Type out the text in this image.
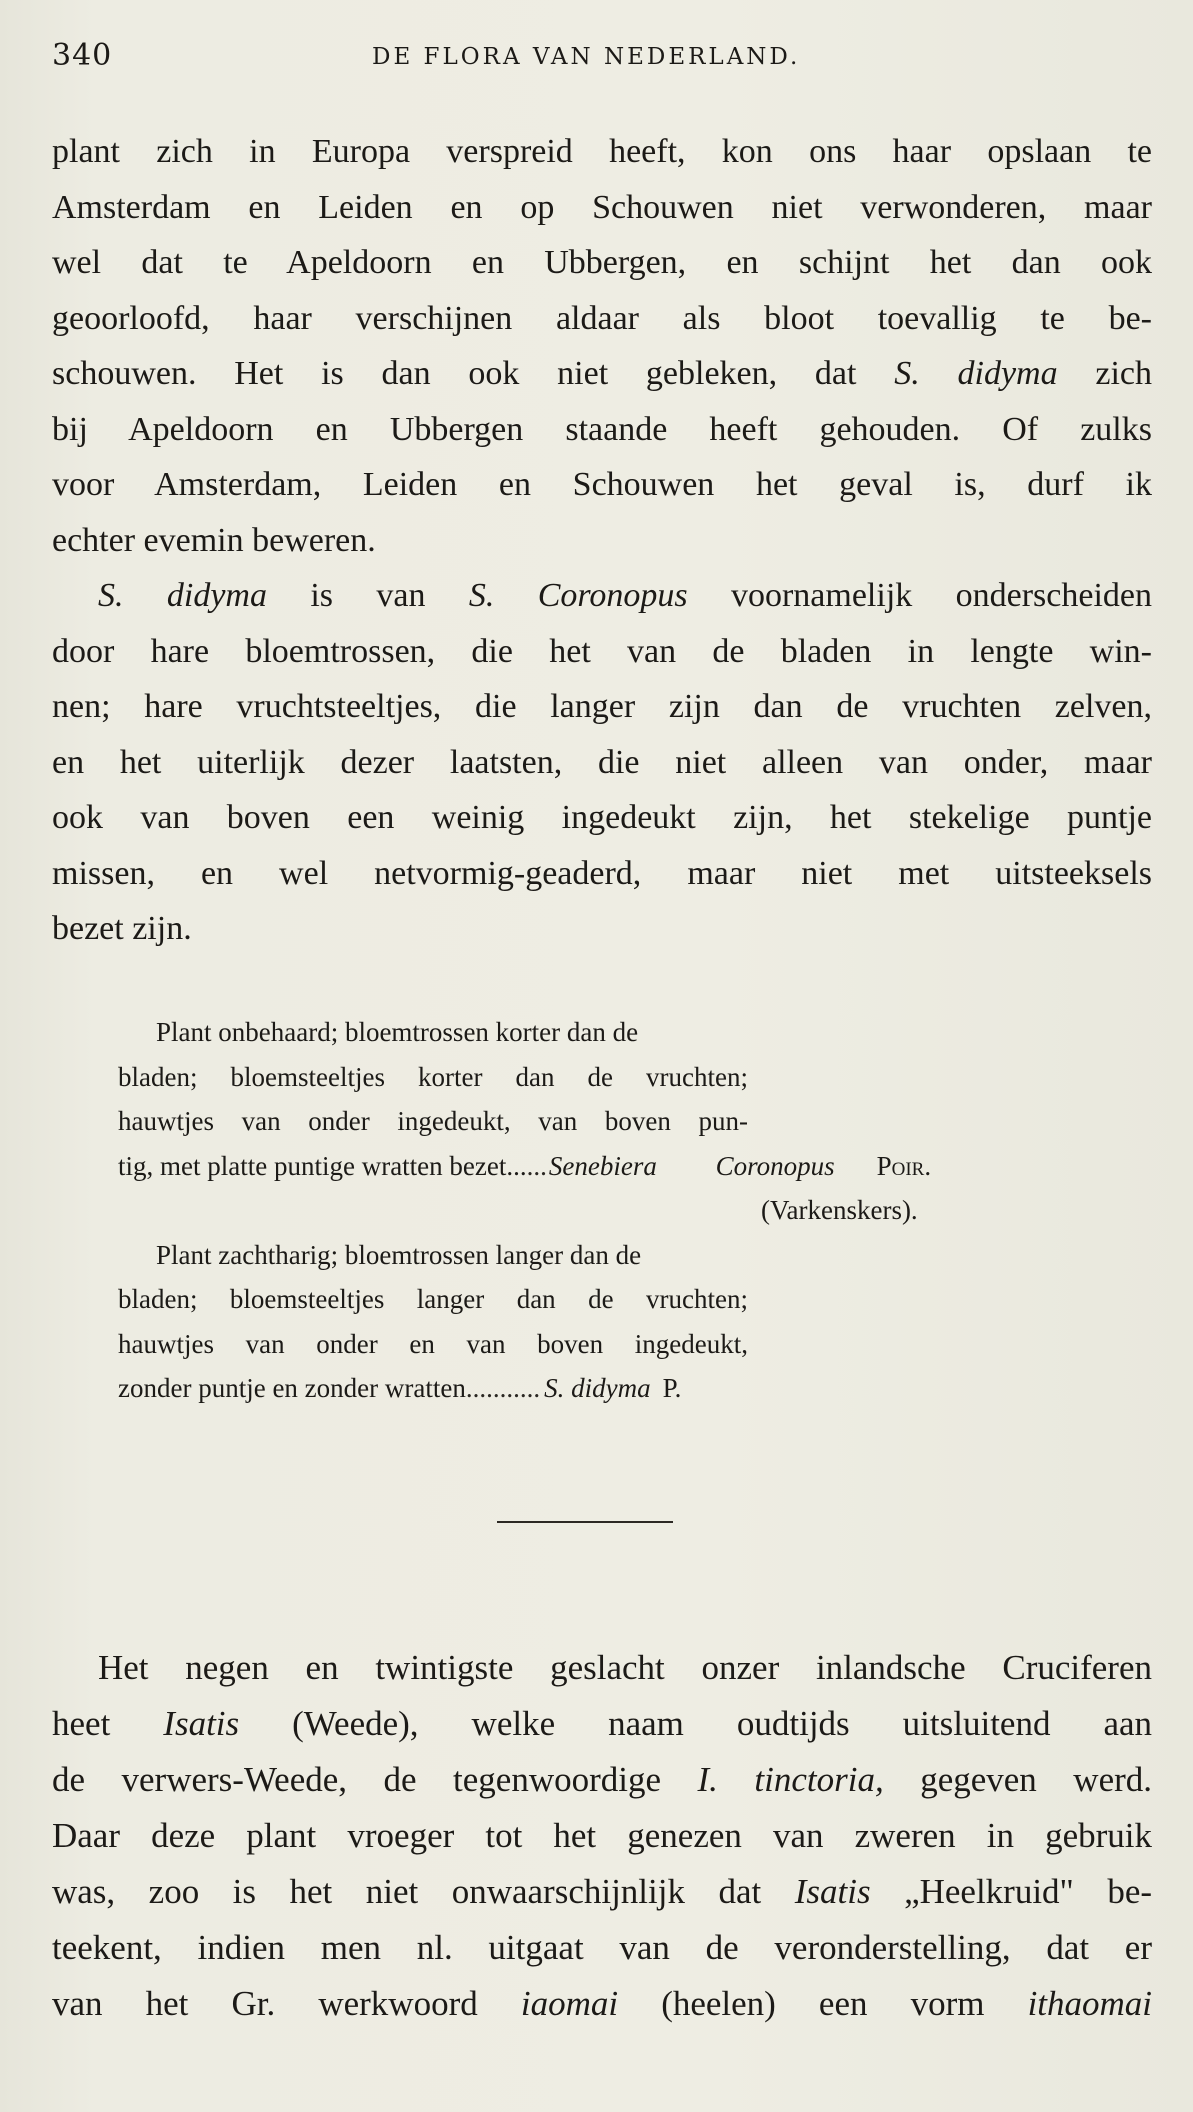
340	DE FLORA VAN NEDERLAND.
plant zich in Europa verspreid heeft, kon ons haar opslaan te
Amsterdam en Leiden en op Schouwen niet verwonderen, maar
wel dat te Apeldoorn en Ubbergen, en schijnt het dan ook
geoorloofd, haar verschijnen aldaar als bloot toevallig te be-
schouwen. Het is dan ook niet gebleken, dat S. didyma zich
bij Apeldoorn en Ubbergen staande heeft gehouden. Of zulks
voor Amsterdam, Leiden en Schouwen het geval is, durf ik
echter evemin beweren.
S. didyma is van S. Coronopus voornamelijk onderscheiden
door hare bloemtrossen, die het van de bladen in lengte win-
nen; hare vruchtsteeltjes, die langer zijn dan de vruchten zelven,
en het uiterlijk dezer laatsten, die niet alleen van onder, maar
ook van boven een weinig ingedeukt zijn, het stekelige puntje
missen, en wel netvormig-geaderd, maar niet met uitsteeksels
bezet zijn.
Plant onbehaard; bloemtrossen korter dan de
bladen; bloemsteeltjes korter dan de vruchten;
hauwtjes van onder ingedeukt, van boven pun-
tig, met platte puntige wratten bezet... ... Senebiera Coronopus Poir.
(Varkenskers).
Plant zachtharig; bloemtrossen langer dan de
bladen; bloemsteeltjes langer dan de vruchten;
hauwtjes van onder en van boven ingedeukt,
zonder puntje en zonder wratten ........... S. didyma P.
Het negen en twintigste geslacht onzer inlandsche Cruciferen
heet Isatis (Weede), welke naam oudtijds uitsluitend aan
de verwers-Weede, de tegenwoordige I. tinctoria, gegeven werd.
Daar deze plant vroeger tot het genezen van zweren in gebruik
was, zoo is het niet onwaarschijnlijk dat Isatis „Heelkruid" be-
teekent, indien men nl. uitgaat van de veronderstelling, dat er
van het Gr. werkwoord iaomai (heelen) een vorm ithaomai
